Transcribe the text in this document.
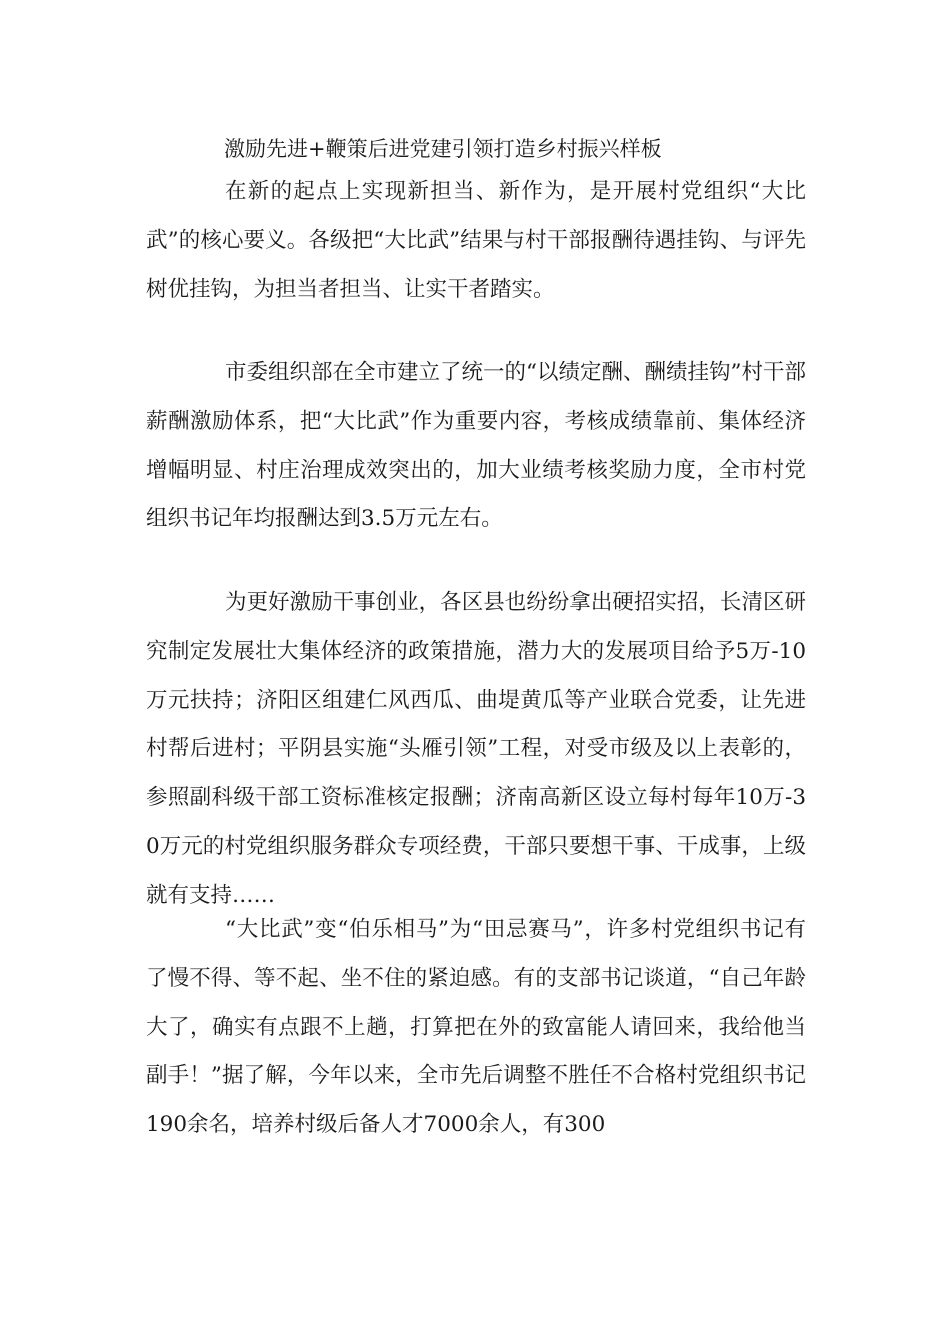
激励先进+鞭策后进党建引领打造乡村振兴样板

在新的起点上实现新担当、新作为，是开展村党组织“大比武”的核心要义。各级把“大比武”结果与村干部报酬待遇挂钩、与评先树优挂钩，为担当者担当、让实干者踏实。

市委组织部在全市建立了统一的“以绩定酬、酬绩挂钩”村干部薪酬激励体系，把“大比武”作为重要内容，考核成绩靠前、集体经济增幅明显、村庄治理成效突出的，加大业绩考核奖励力度，全市村党组织书记年均报酬达到3.5万元左右。

为更好激励干事创业，各区县也纷纷拿出硬招实招，长清区研究制定发展壮大集体经济的政策措施，潜力大的发展项目给予5万-10万元扶持；济阳区组建仁风西瓜、曲堤黄瓜等产业联合党委，让先进村帮后进村；平阴县实施“头雁引领”工程，对受市级及以上表彰的，参照副科级干部工资标准核定报酬；济南高新区设立每村每年10万-30万元的村党组织服务群众专项经费，干部只要想干事、干成事，上级就有支持……

“大比武”变“伯乐相马”为“田忌赛马”，许多村党组织书记有了慢不得、等不起、坐不住的紧迫感。有的支部书记谈道，“自己年龄大了，确实有点跟不上趟，打算把在外的致富能人请回来，我给他当副手！”据了解，今年以来，全市先后调整不胜任不合格村党组织书记190余名，培养村级后备人才7000余人，有300
